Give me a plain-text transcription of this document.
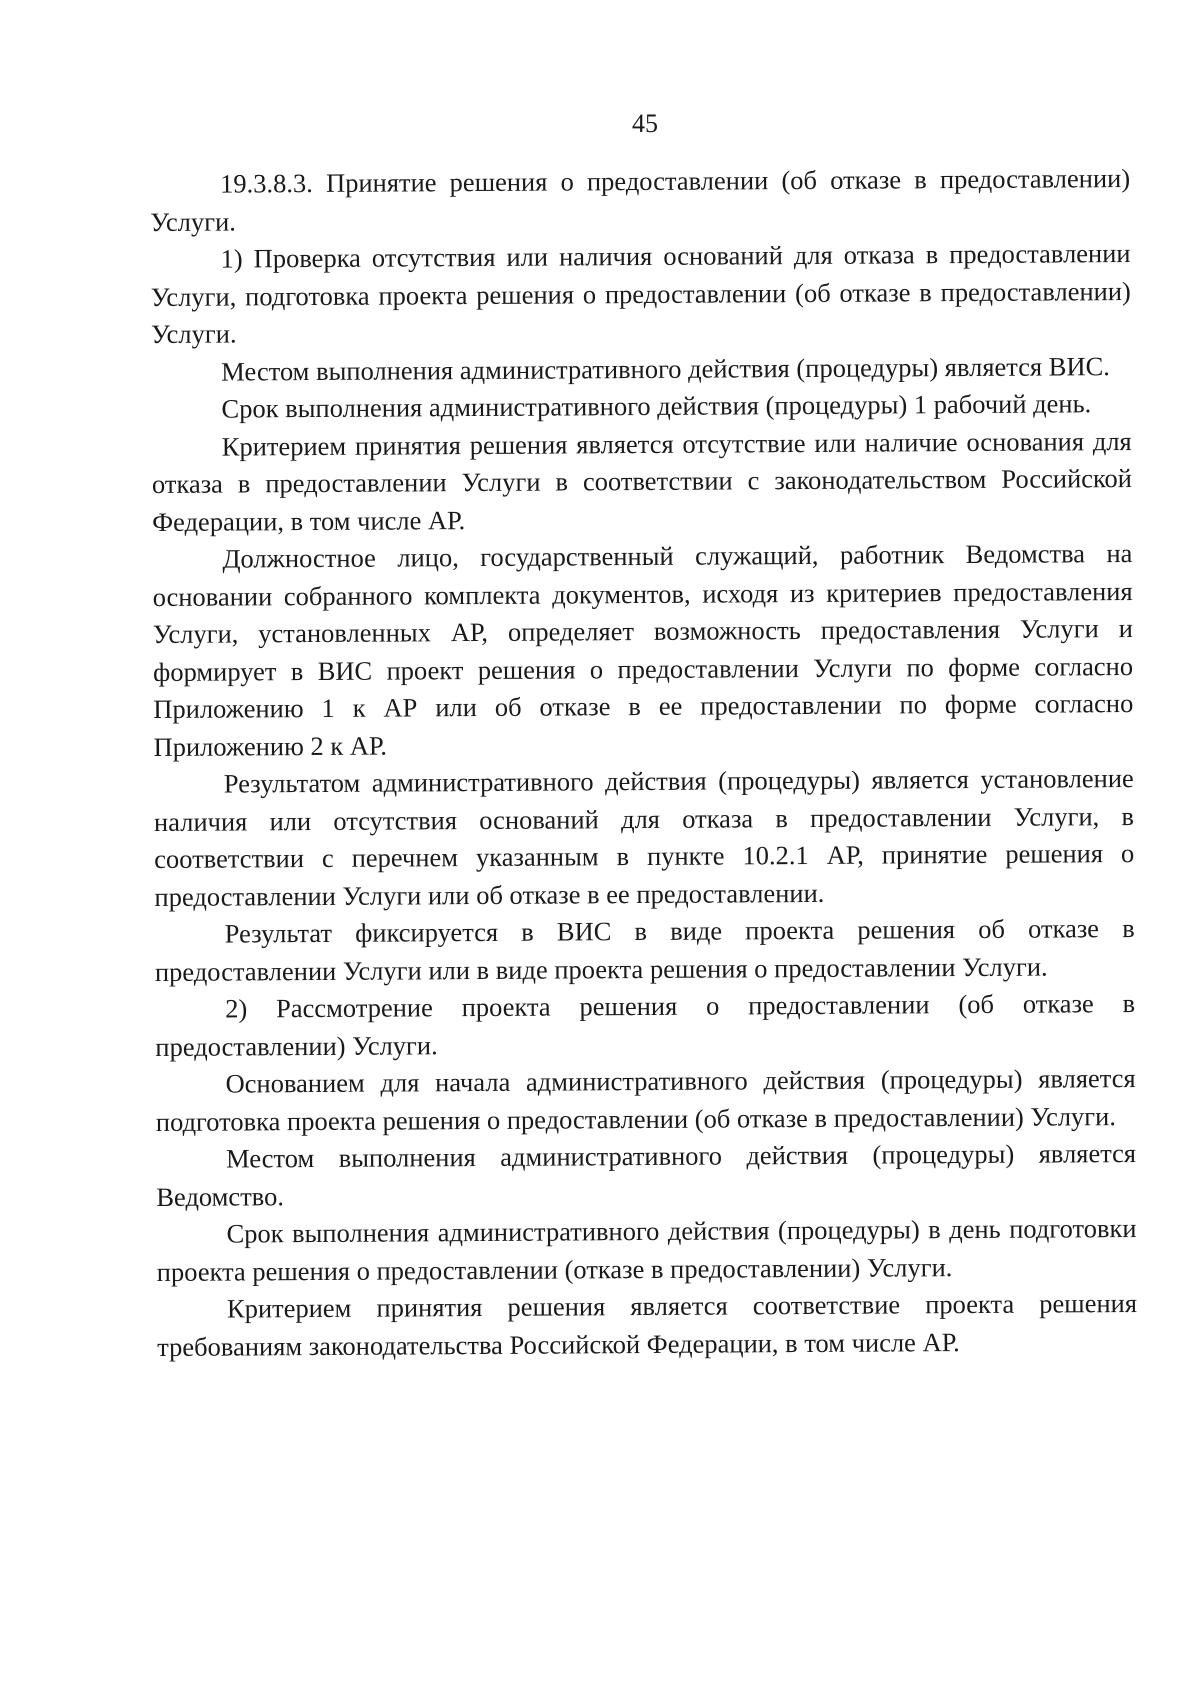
45

19.3.8.3. Принятие решения о предоставлении (об отказе в предоставлении) Услуги.

1) Проверка отсутствия или наличия оснований для отказа в предоставлении Услуги, подготовка проекта решения о предоставлении (об отказе в предоставлении) Услуги.

Местом выполнения административного действия (процедуры) является ВИС.

Срок выполнения административного действия (процедуры) 1 рабочий день.

Критерием принятия решения является отсутствие или наличие основания для отказа в предоставлении Услуги в соответствии с законодательством Российской Федерации, в том числе АР.

Должностное лицо, государственный служащий, работник Ведомства на основании собранного комплекта документов, исходя из критериев предоставления Услуги, установленных АР, определяет возможность предоставления Услуги и формирует в ВИС проект решения о предоставлении Услуги по форме согласно Приложению 1 к АР или об отказе в ее предоставлении по форме согласно Приложению 2 к АР.

Результатом административного действия (процедуры) является установление наличия или отсутствия оснований для отказа в предоставлении Услуги, в соответствии с перечнем указанным в пункте 10.2.1 АР, принятие решения о предоставлении Услуги или об отказе в ее предоставлении.

Результат фиксируется в ВИС в виде проекта решения об отказе в предоставлении Услуги или в виде проекта решения о предоставлении Услуги.

2) Рассмотрение проекта решения о предоставлении (об отказе в предоставлении) Услуги.

Основанием для начала административного действия (процедуры) является подготовка проекта решения о предоставлении (об отказе в предоставлении) Услуги.

Местом выполнения административного действия (процедуры) является Ведомство.

Срок выполнения административного действия (процедуры) в день подготовки проекта решения о предоставлении (отказе в предоставлении) Услуги.

Критерием принятия решения является соответствие проекта решения требованиям законодательства Российской Федерации, в том числе АР.
